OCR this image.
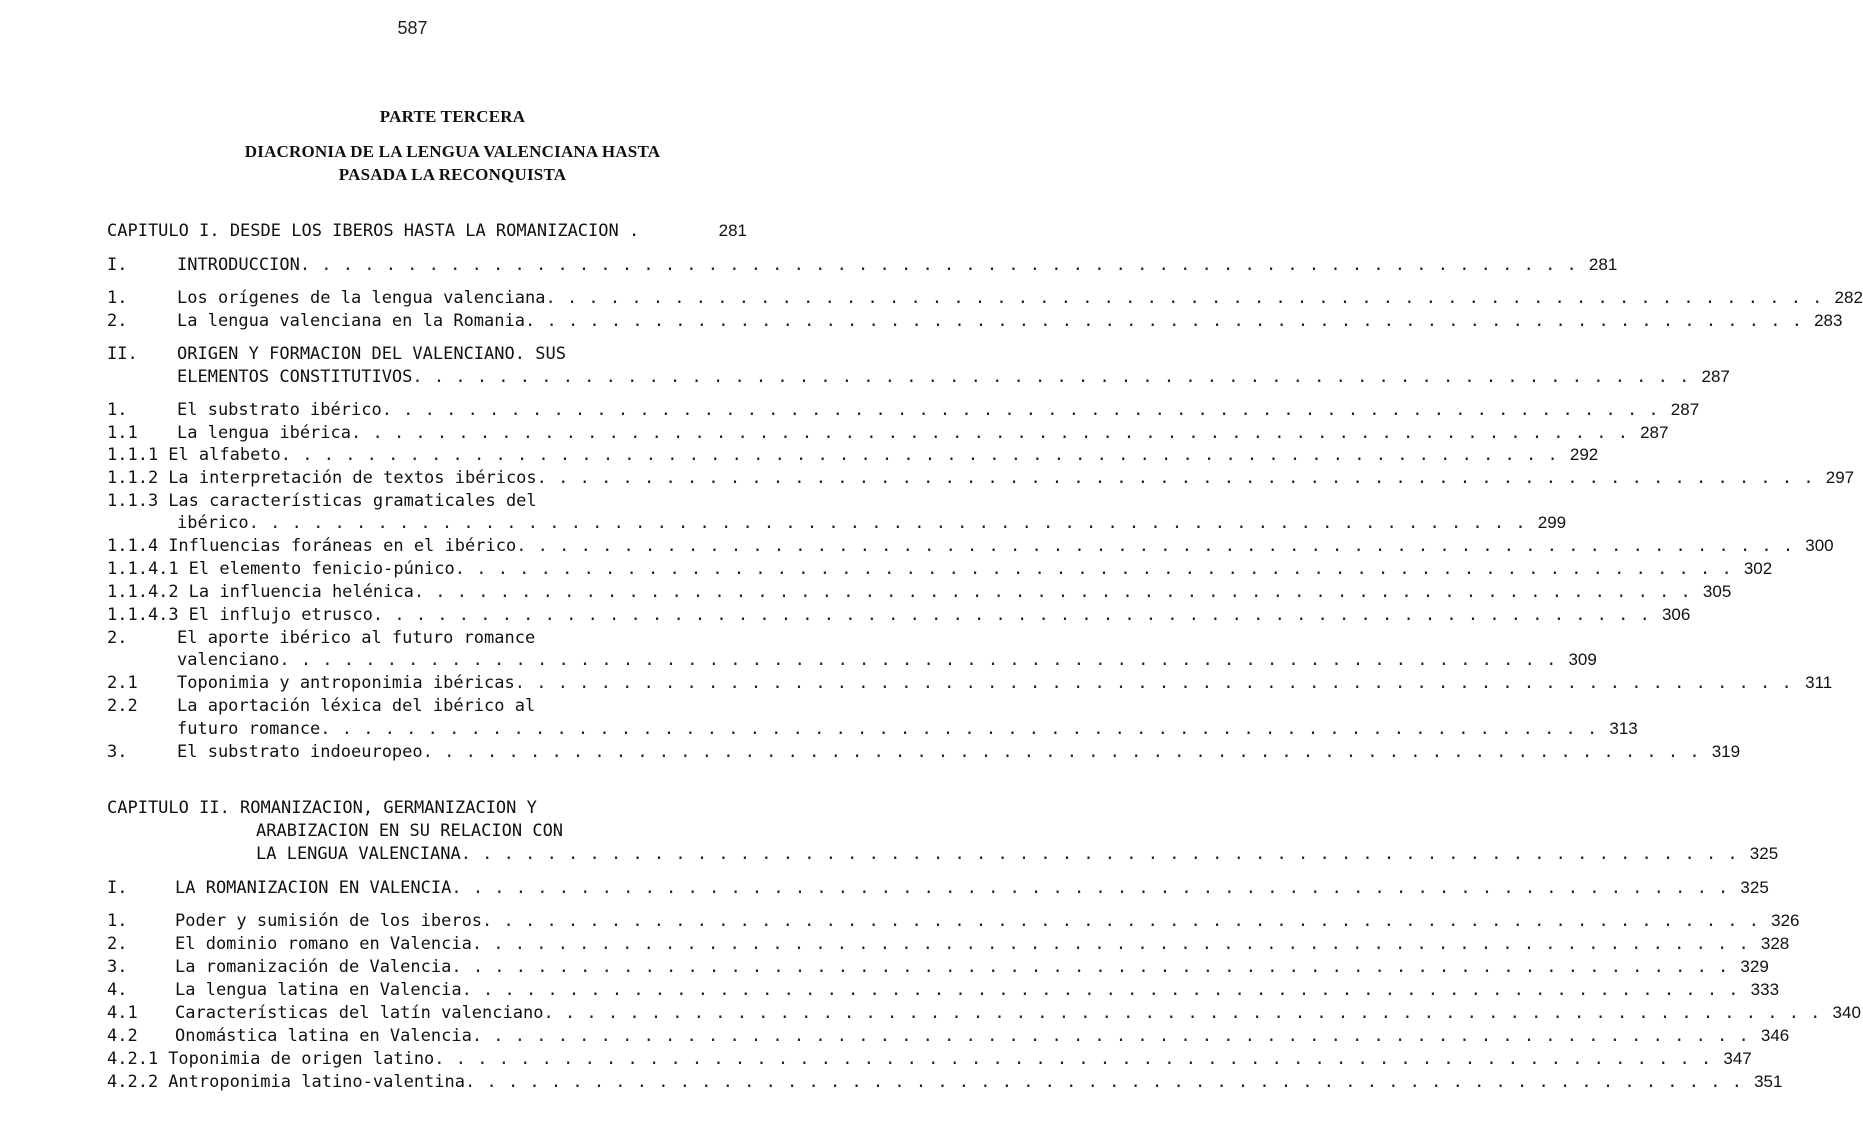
587
PARTE TERCERA
DIACRONIA DE LA LENGUA VALENCIANA HASTA
PASADA LA RECONQUISTA
CAPITULO I. DESDE LOS IBEROS HASTA LA ROMANIZACION .	281
I.	INTRODUCCION . . . . . . . . . . . . . . . . . . . . . . . . . . . . . . . . . . . . . . . . . . . . . . . . . . . . . . . . . . . . 281
1.	Los orígenes de la lengua valenciana . . . . . . . . . . . . . . . . . . . . . . . . . . . . . . . . . . . . . . . . . . . . . . . . . . . . . . . . . . . . 282
2.	La lengua valenciana en la Romania . . . . . . . . . . . . . . . . . . . . . . . . . . . . . . . . . . . . . . . . . . . . . . . . . . . . . . . . . . . . 283
II.	ORIGEN Y FORMACION DEL VALENCIANO. SUS
ELEMENTOS CONSTITUTIVOS . . . . . . . . . . . . . . . . . . . . . . . . . . . . . . . . . . . . . . . . . . . . . . . . . . . . . . . . . . . . 287
1.	El substrato ibérico . . . . . . . . . . . . . . . . . . . . . . . . . . . . . . . . . . . . . . . . . . . . . . . . . . . . . . . . . . . . 287
1.1	La lengua ibérica . . . . . . . . . . . . . . . . . . . . . . . . . . . . . . . . . . . . . . . . . . . . . . . . . . . . . . . . . . . . 287
1.1.1 El alfabeto . . . . . . . . . . . . . . . . . . . . . . . . . . . . . . . . . . . . . . . . . . . . . . . . . . . . . . . . . . . . 292
1.1.2 La interpretación de textos ibéricos . . . . . . . . . . . . . . . . . . . . . . . . . . . . . . . . . . . . . . . . . . . . . . . . . . . . . . . . . . . . 297
1.1.3 Las características gramaticales del
ibérico . . . . . . . . . . . . . . . . . . . . . . . . . . . . . . . . . . . . . . . . . . . . . . . . . . . . . . . . . . . . 299
1.1.4 Influencias foráneas en el ibérico . . . . . . . . . . . . . . . . . . . . . . . . . . . . . . . . . . . . . . . . . . . . . . . . . . . . . . . . . . . . 300
1.1.4.1 El elemento fenicio-púnico . . . . . . . . . . . . . . . . . . . . . . . . . . . . . . . . . . . . . . . . . . . . . . . . . . . . . . . . . . . . 302
1.1.4.2 La influencia helénica . . . . . . . . . . . . . . . . . . . . . . . . . . . . . . . . . . . . . . . . . . . . . . . . . . . . . . . . . . . . 305
1.1.4.3 El influjo etrusco . . . . . . . . . . . . . . . . . . . . . . . . . . . . . . . . . . . . . . . . . . . . . . . . . . . . . . . . . . . . 306
2.	El aporte ibérico al futuro romance
valenciano . . . . . . . . . . . . . . . . . . . . . . . . . . . . . . . . . . . . . . . . . . . . . . . . . . . . . . . . . . . . 309
2.1	Toponimia y antroponimia ibéricas . . . . . . . . . . . . . . . . . . . . . . . . . . . . . . . . . . . . . . . . . . . . . . . . . . . . . . . . . . . . 311
2.2	La aportación léxica del ibérico al
futuro romance . . . . . . . . . . . . . . . . . . . . . . . . . . . . . . . . . . . . . . . . . . . . . . . . . . . . . . . . . . . . 313
3.	El substrato indoeuropeo . . . . . . . . . . . . . . . . . . . . . . . . . . . . . . . . . . . . . . . . . . . . . . . . . . . . . . . . . . . . 319
CAPITULO II. ROMANIZACION, GERMANIZACION Y
ARABIZACION EN SU RELACION CON
LA LENGUA VALENCIANA . . . . . . . . . . . . . . . . . . . . . . . . . . . . . . . . . . . . . . . . . . . . . . . . . . . . . . . . . . . . 325
I.	LA ROMANIZACION EN VALENCIA . . . . . . . . . . . . . . . . . . . . . . . . . . . . . . . . . . . . . . . . . . . . . . . . . . . . . . . . . . . . 325
1.	Poder y sumisión de los iberos . . . . . . . . . . . . . . . . . . . . . . . . . . . . . . . . . . . . . . . . . . . . . . . . . . . . . . . . . . . . 326
2.	El dominio romano en Valencia . . . . . . . . . . . . . . . . . . . . . . . . . . . . . . . . . . . . . . . . . . . . . . . . . . . . . . . . . . . . 328
3.	La romanización de Valencia . . . . . . . . . . . . . . . . . . . . . . . . . . . . . . . . . . . . . . . . . . . . . . . . . . . . . . . . . . . . 329
4.	La lengua latina en Valencia . . . . . . . . . . . . . . . . . . . . . . . . . . . . . . . . . . . . . . . . . . . . . . . . . . . . . . . . . . . . 333
4.1	Características del latín valenciano . . . . . . . . . . . . . . . . . . . . . . . . . . . . . . . . . . . . . . . . . . . . . . . . . . . . . . . . . . . . 340
4.2	Onomástica latina en Valencia . . . . . . . . . . . . . . . . . . . . . . . . . . . . . . . . . . . . . . . . . . . . . . . . . . . . . . . . . . . . 346
4.2.1 Toponimia de origen latino . . . . . . . . . . . . . . . . . . . . . . . . . . . . . . . . . . . . . . . . . . . . . . . . . . . . . . . . . . . . 347
4.2.2 Antroponimia latino-valentina . . . . . . . . . . . . . . . . . . . . . . . . . . . . . . . . . . . . . . . . . . . . . . . . . . . . . . . . . . . . 351
